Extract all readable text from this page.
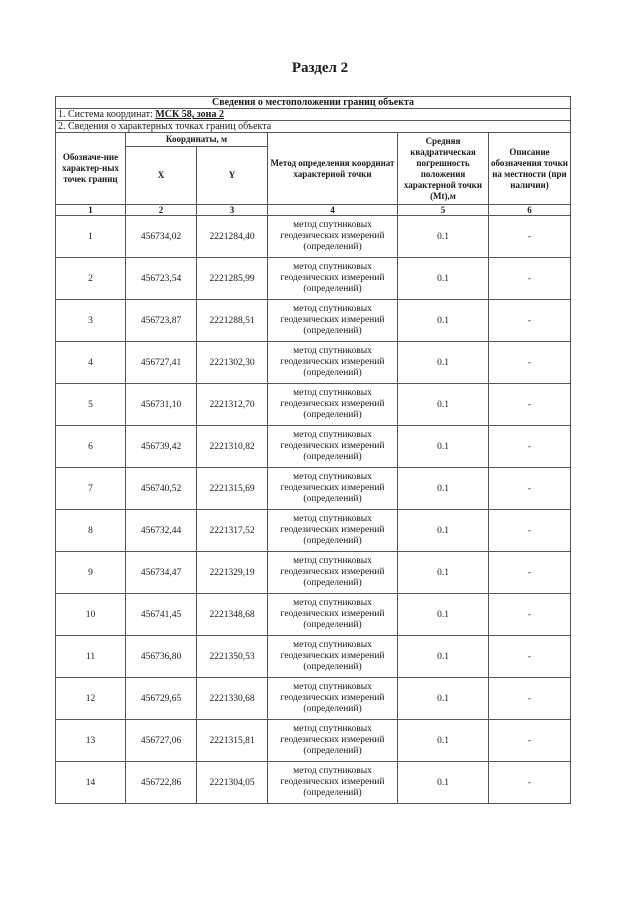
Раздел 2
Сведения о местоположении границ объекта					
1. Система координат: МСК 58, зона 2					
2. Сведения о характерных точках границ объекта					
Обозначе-ние характер-ных точек границ	Координаты, м		Метод определения координат характерной точки	Средняя квадратическая погрешность положения характерной точки (Mt),м	Описание обозначения точки на местности (при наличии)
	X	Y			
1	2	3	4	5	6
1	456734,02	2221284,40	метод спутниковых геодезических измерений (определений)	0.1	-
2	456723,54	2221285,99	метод спутниковых геодезических измерений (определений)	0.1	-
3	456723,87	2221288,51	метод спутниковых геодезических измерений (определений)	0.1	-
4	456727,41	2221302,30	метод спутниковых геодезических измерений (определений)	0.1	-
5	456731,10	2221312,70	метод спутниковых геодезических измерений (определений)	0.1	-
6	456739,42	2221310,82	метод спутниковых геодезических измерений (определений)	0.1	-
7	456740,52	2221315,69	метод спутниковых геодезических измерений (определений)	0.1	-
8	456732,44	2221317,52	метод спутниковых геодезических измерений (определений)	0.1	-
9	456734,47	2221329,19	метод спутниковых геодезических измерений (определений)	0.1	-
10	456741,45	2221348,68	метод спутниковых геодезических измерений (определений)	0.1	-
11	456736,80	2221350,53	метод спутниковых геодезических измерений (определений)	0.1	-
12	456729,65	2221330,68	метод спутниковых геодезических измерений (определений)	0.1	-
13	456727,06	2221315,81	метод спутниковых геодезических измерений (определений)	0.1	-
14	456722,86	2221304,05	метод спутниковых геодезических измерений (определений)	0.1	-
